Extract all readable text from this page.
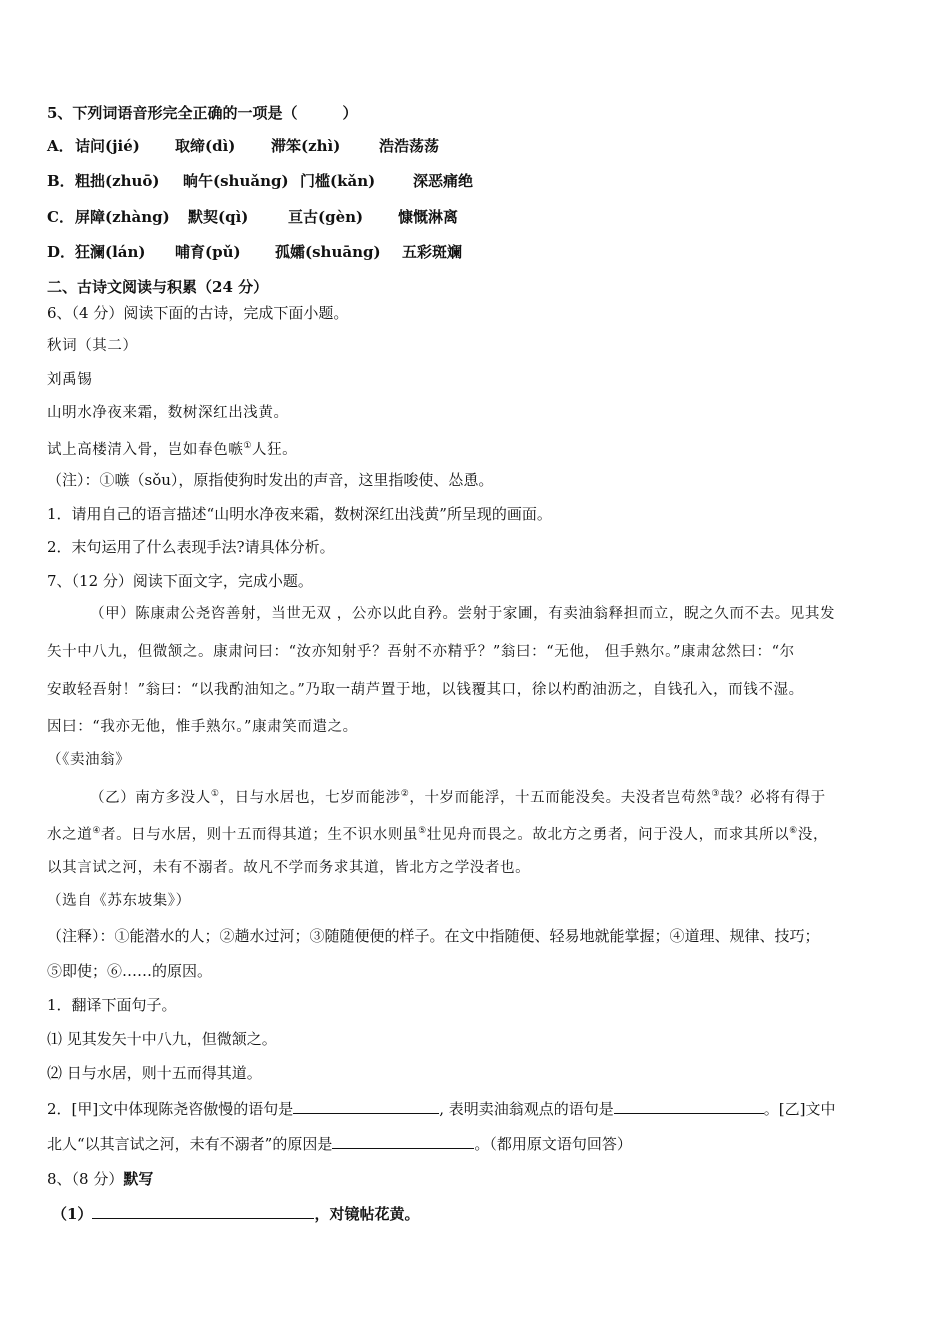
5、下列词语音形完全正确的一项是（　　　）
A．诘问(jié) 取缔(dì) 滞笨(zhì)	浩浩荡荡
B．粗拙(zhuō) 晌午(shuǎng) 门槛(kǎn)	深恶痛绝
C．屏障(zhàng) 默契(qì)	亘古(gèn) 慷慨淋离
D．狂澜(lán) 哺育(pǔ) 孤孀(shuāng) 五彩斑斓
二、古诗文阅读与积累（24 分）
6、（4 分）阅读下面的古诗，完成下面小题。
秋词（其二）
刘禹锡
山明水净夜来霜，数树深红出浅黄。
试上高楼清入骨，岂如春色嗾①人狂。
（注）：①嗾（sǒu），原指使狗时发出的声音，这里指唆使、怂恿。
1．请用自己的语言描述“山明水净夜来霜，数树深红出浅黄”所呈现的画面。
2．末句运用了什么表现手法?请具体分析。
7、（12 分）阅读下面文字，完成小题。
（甲）陈康肃公尧咨善射，当世无双 ，公亦以此自矜。尝射于家圃，有卖油翁释担而立，睨之久而不去。见其发
矢十中八九，但微颔之。康肃问曰：“汝亦知射乎？吾射不亦精乎？”翁曰：“无他， 但手熟尔。”康肃忿然曰：“尔
安敢轻吾射！”翁曰：“以我酌油知之。”乃取一葫芦置于地，以钱覆其口，徐以杓酌油沥之，自钱孔入，而钱不湿。
因曰：“我亦无他，惟手熟尔。”康肃笑而遣之。
（《卖油翁》
（乙）南方多没人①，日与水居也，七岁而能涉②，十岁而能浮，十五而能没矣。夫没者岂苟然③哉？必将有得于
水之道④者。日与水居，则十五而得其道；生不识水则虽⑤壮见舟而畏之。故北方之勇者，问于没人，而求其所以⑥没，
以其言试之河，未有不溺者。故凡不学而务求其道，皆北方之学没者也。
（选自《苏东坡集》）
（注释）：①能潜水的人；②趟水过河；③随随便便的样子。在文中指随便、轻易地就能掌握；④道理、规律、技巧；
⑤即使；⑥……的原因。
1．翻译下面句子。
⑴ 见其发矢十中八九，但微颔之。
⑵ 日与水居，则十五而得其道。
2．[甲]文中体现陈尧咨傲慢的语句是	, 表明卖油翁观点的语句是	。[乙]文中
北人“以其言试之河，未有不溺者”的原因是	。（都用原文语句回答）
8、（8 分）默写
（1）	，对镜帖花黄。
